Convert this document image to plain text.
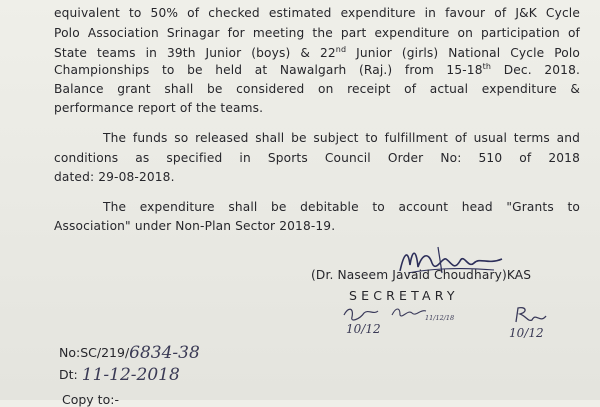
equivalent to 50% of checked estimated expenditure in favour of J&K Cycle
Polo Association Srinagar for meeting the part expenditure on participation of
State teams in 39th Junior (boys) & 22nd Junior (girls) National Cycle Polo
Championships to be held at Nawalgarh (Raj.) from 15-18th Dec. 2018.
Balance grant shall be considered on receipt of actual expenditure &
performance report of the teams.
The funds so released shall be subject to fulfillment of usual terms and
conditions as specified in Sports Council Order No: 510 of 2018
dated: 29-08-2018.
The expenditure shall be debitable to account head "Grants to
Association" under Non-Plan Sector 2018-19.
(Dr. Naseem Javaid Choudhary)KAS
SECRETARY
10/12
11/12/18
10/12
No:SC/219/6834-38
Dt: 11-12-2018
Copy to:-
